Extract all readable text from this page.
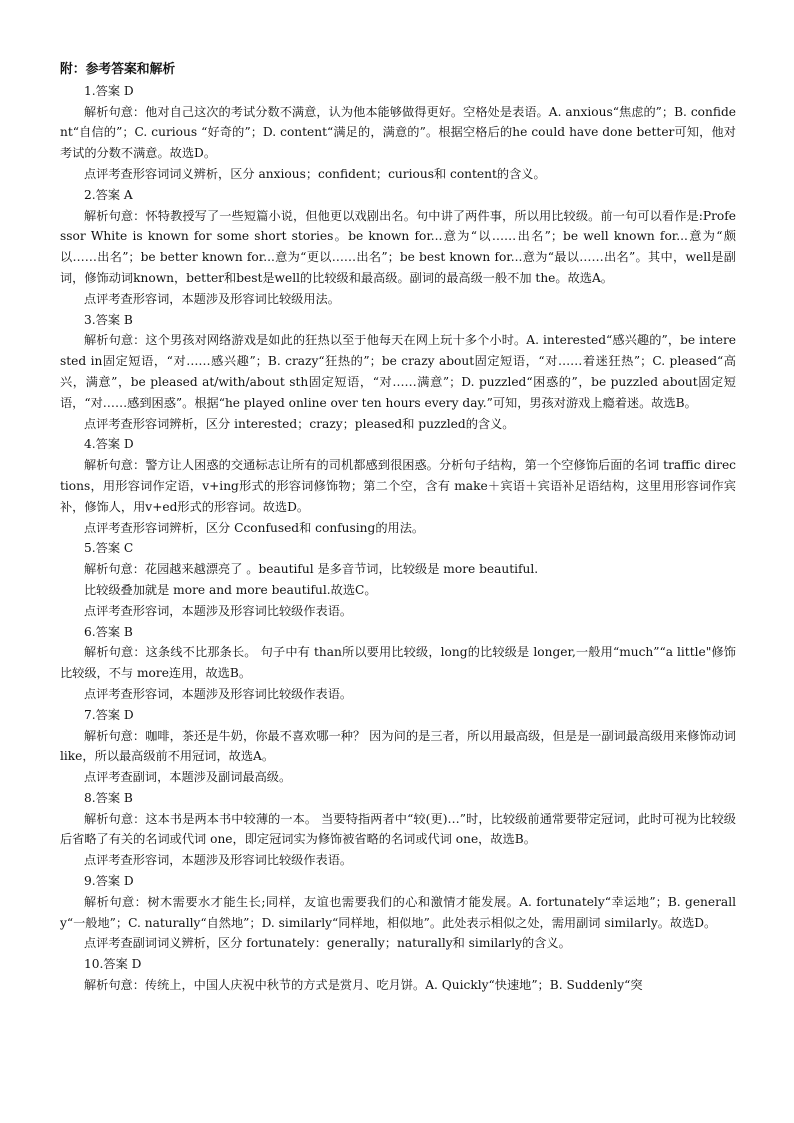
附：参考答案和解析

1.答案 D

解析句意：他对自己这次的考试分数不满意，认为他本能够做得更好。空格处是表语。A. anxious“焦虑的”；B. confident“自信的”；C. curious “好奇的”；D. content“满足的，满意的”。根据空格后的he could have done better可知，他对考试的分数不满意。故选D。

点评考查形容词词义辨析，区分 anxious；confident；curious和 content的含义。

2.答案 A

解析句意：怀特教授写了一些短篇小说，但他更以戏剧出名。句中讲了两件事，所以用比较级。前一句可以看作是:Professor White is known for some short stories。be known for...意为“以……出名”；be well known for...意为“颇以……出名”；be better known for...意为“更以……出名”；be best known for...意为“最以……出名”。其中，well是副词，修饰动词known，better和best是well的比较级和最高级。副词的最高级一般不加 the。故选A。

点评考查形容词，本题涉及形容词比较级用法。

3.答案 B

解析句意：这个男孩对网络游戏是如此的狂热以至于他每天在网上玩十多个小时。A. interested“感兴趣的”，be interested in固定短语，“对……感兴趣”；B. crazy“狂热的”；be crazy about固定短语，“对……着迷狂热”；C. pleased“高兴，满意”，be pleased at/with/about sth固定短语，“对……满意”；D. puzzled“困惑的”，be puzzled about固定短语，“对……感到困惑”。根据“he played online over ten hours every day.”可知，男孩对游戏上瘾着迷。故选B。

点评考查形容词辨析，区分 interested；crazy；pleased和 puzzled的含义。

4.答案 D

解析句意：警方让人困惑的交通标志让所有的司机都感到很困惑。分析句子结构，第一个空修饰后面的名词 traffic directions，用形容词作定语，v+ing形式的形容词修饰物；第二个空，含有 make＋宾语＋宾语补足语结构，这里用形容词作宾补，修饰人，用v+ed形式的形容词。故选D。

点评考查形容词辨析，区分 Cconfused和 confusing的用法。

5.答案 C

解析句意：花园越来越漂亮了 。beautiful 是多音节词，比较级是 more beautiful.

比较级叠加就是 more and more beautiful.故选C。

点评考查形容词，本题涉及形容词比较级作表语。

6.答案 B

解析句意：这条线不比那条长。 句子中有 than所以要用比较级，long的比较级是 longer,一般用“much”“a little"修饰比较级，不与 more连用，故选B。

点评考查形容词，本题涉及形容词比较级作表语。

7.答案 D

解析句意：咖啡，茶还是牛奶，你最不喜欢哪一种？ 因为问的是三者，所以用最高级，但是是一副词最高级用来修饰动词 like，所以最高级前不用冠词，故选A。

点评考查副词，本题涉及副词最高级。

8.答案 B

解析句意：这本书是两本书中较薄的一本。 当要特指两者中“较(更)…”时，比较级前通常要带定冠词，此时可视为比较级后省略了有关的名词或代词 one，即定冠词实为修饰被省略的名词或代词 one，故选B。

点评考查形容词，本题涉及形容词比较级作表语。

9.答案 D

解析句意：树木需要水才能生长;同样，友谊也需要我们的心和激情才能发展。A. fortunately“幸运地”；B. generally“一般地”；C. naturally“自然地”；D. similarly“同样地，相似地”。此处表示相似之处，需用副词 similarly。故选D。

点评考查副词词义辨析，区分 fortunately：generally；naturally和 similarly的含义。

10.答案 D

解析句意：传统上，中国人庆祝中秋节的方式是赏月、吃月饼。A. Quickly“快速地”；B. Suddenly“突
